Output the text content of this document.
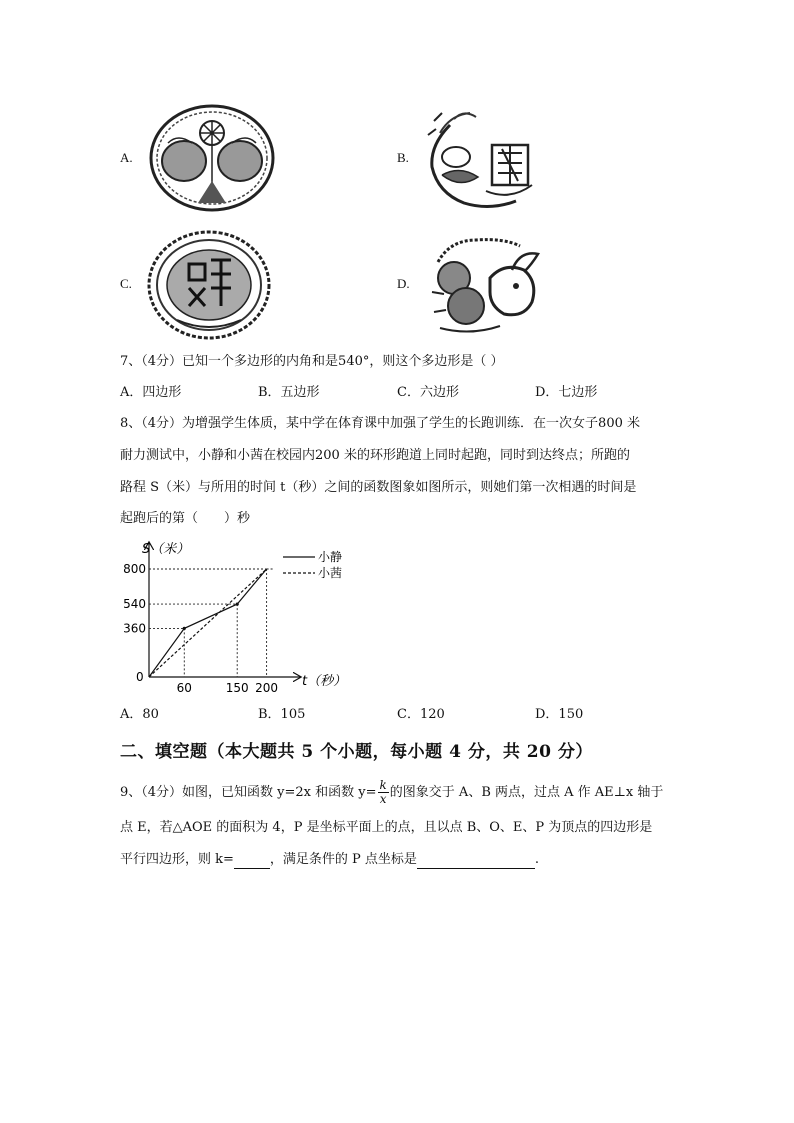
A.	B.
C.	D.
7、（4分）已知一个多边形的内角和是540°，则这个多边形是（ ）
A．四边形	B．五边形	C．六边形	D．七边形
8、（4分）为增强学生体质，某中学在体育课中加强了学生的长跑训练．在一次女子800 米
耐力测试中，小静和小茜在校园内200 米的环形跑道上同时起跑，同时到达终点；所跑的
路程 S（米）与所用的时间 t（秒）之间的函数图象如图所示，则她们第一次相遇的时间是
起跑后的第（　　）秒
S（米）
t（秒）
0
60	150 200
360
540
800
小静
小茜
A．80	B．105	C．120	D．150
二、填空题（本大题共 5 个小题，每小题 4 分，共 20 分）
9、（4分）如图，已知函数 y=2x 和函数 $y= \frac{k}{x}$ 的图象交于 A、B 两点，过点 A 作 AE⊥x 轴于
点 E，若△AOE 的面积为 4，P 是坐标平面上的点，且以点 B、O、E、P 为顶点的四边形是
平行四边形，则 k=	，满足条件的 P 点坐标是	.
